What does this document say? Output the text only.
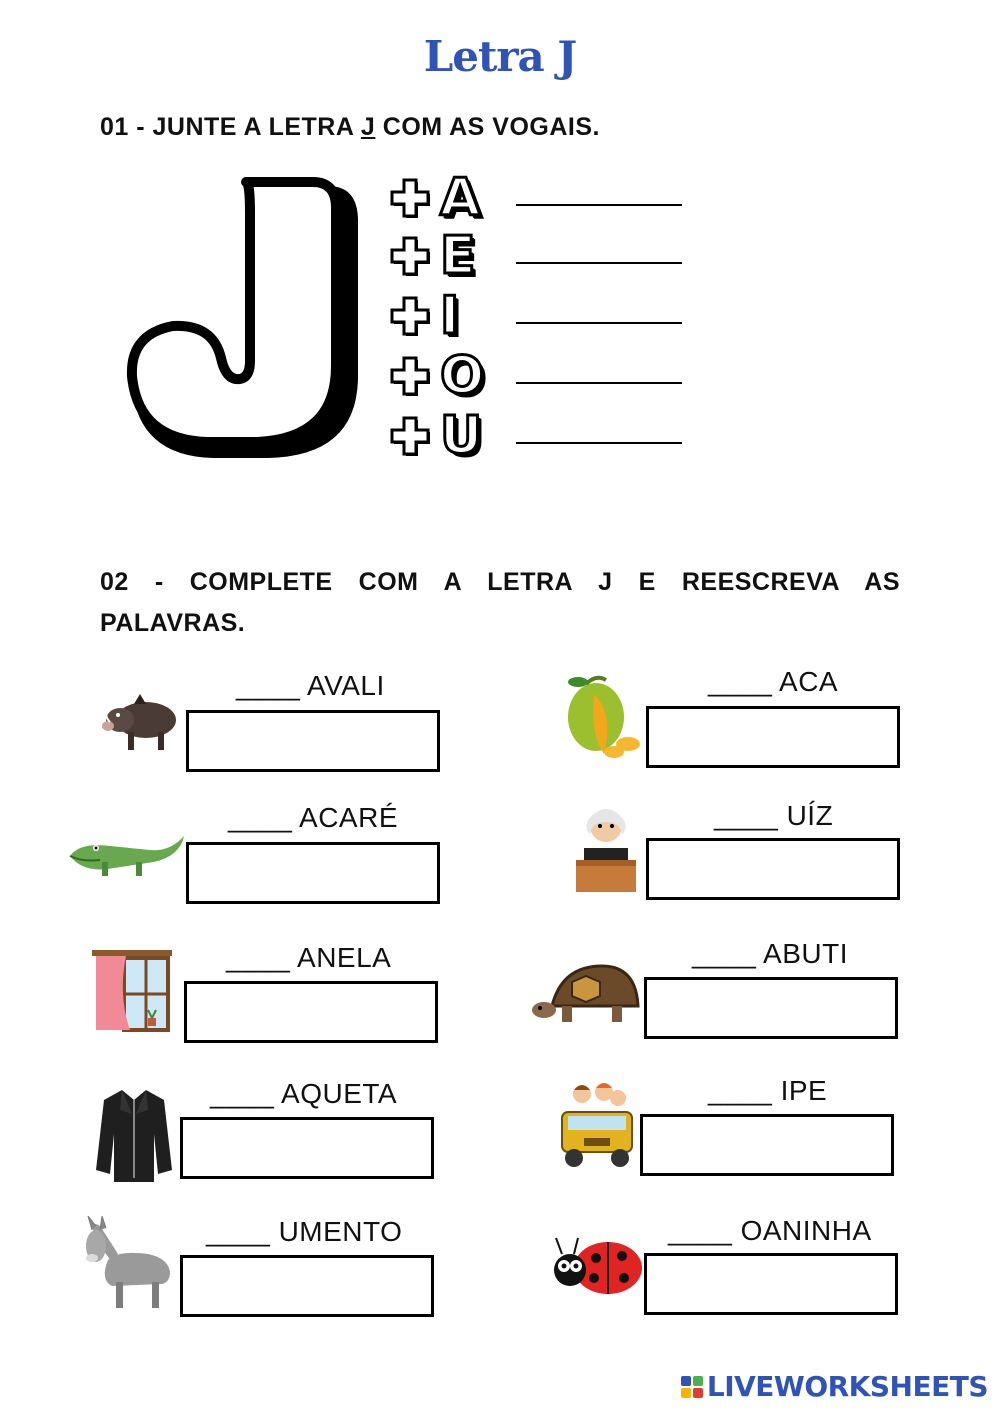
Letra J
01 - JUNTE A LETRA J COM AS VOGAIS.
A
E
I
O
U
02 - COMPLETE COM A LETRA J E REESCREVA AS PALAVRAS.
____ AVALI	____ ACA
____ ACARÉ	____ UÍZ
____ ANELA	____ ABUTI
____ AQUETA	____ IPE
____ UMENTO	____ OANINHA
LIVEWORKSHEETS
